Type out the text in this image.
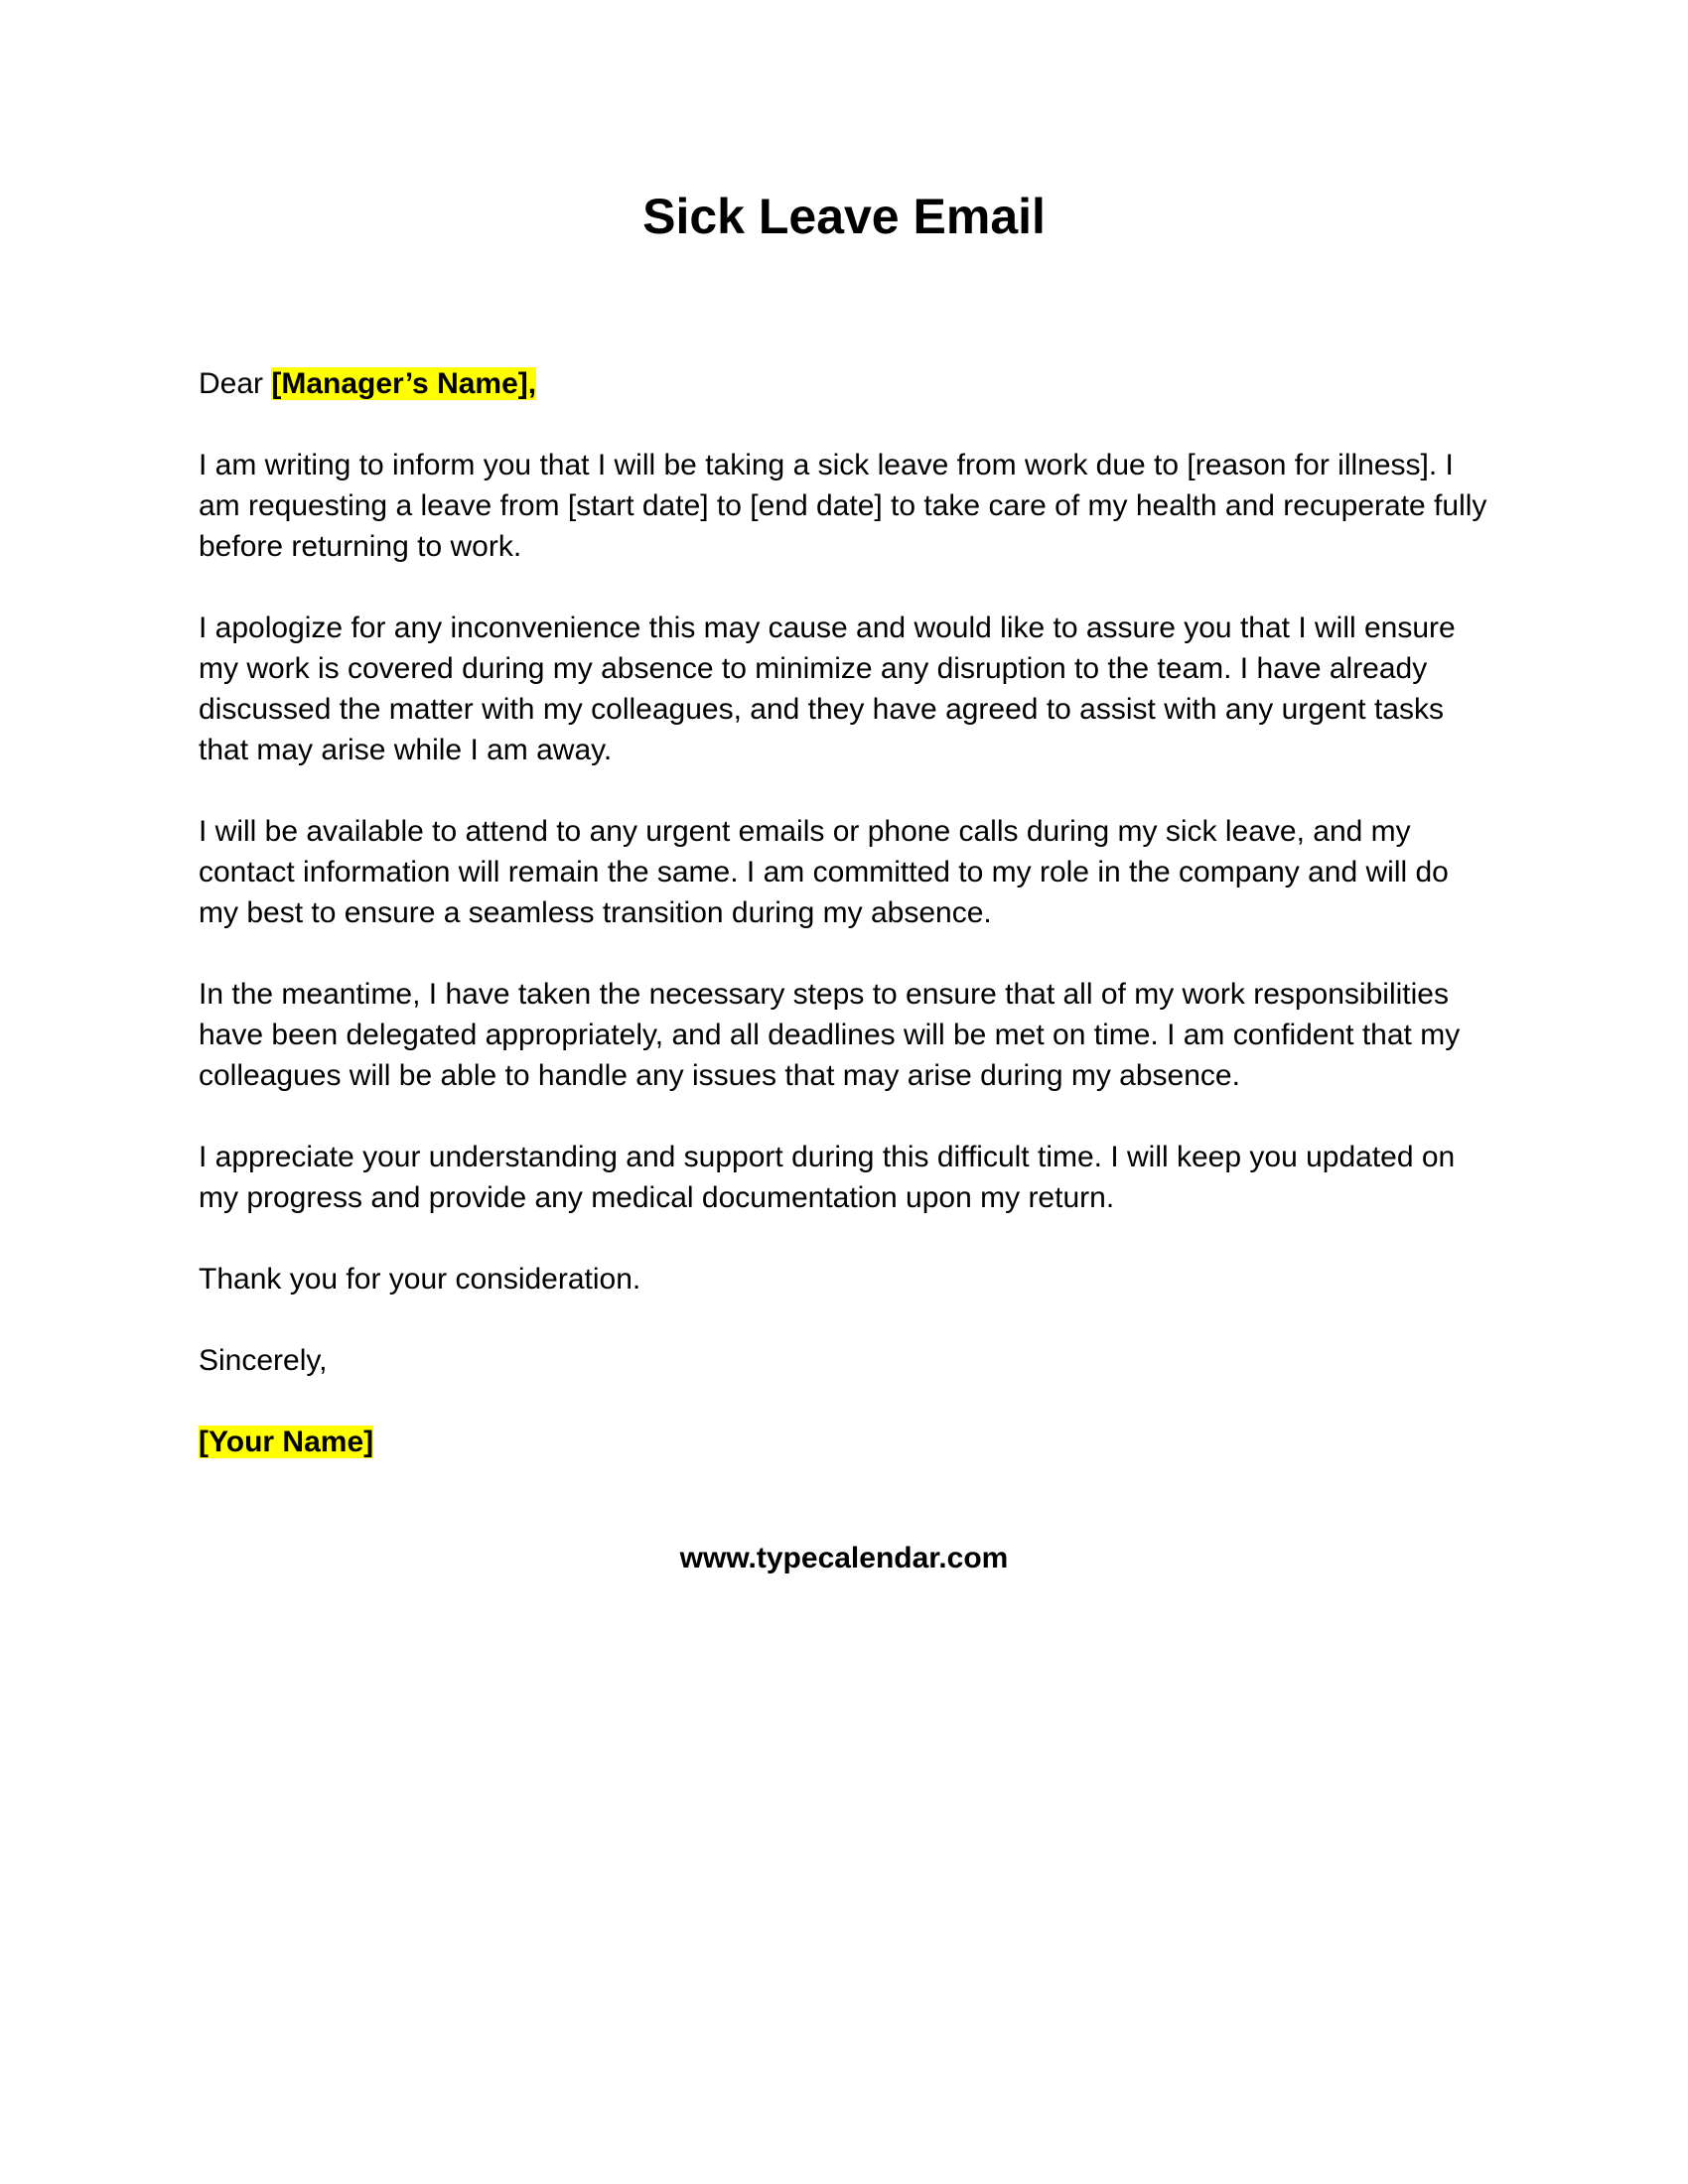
Sick Leave Email

Dear [Manager’s Name],

I am writing to inform you that I will be taking a sick leave from work due to [reason for illness]. I am requesting a leave from [start date] to [end date] to take care of my health and recuperate fully before returning to work.

I apologize for any inconvenience this may cause and would like to assure you that I will ensure my work is covered during my absence to minimize any disruption to the team. I have already discussed the matter with my colleagues, and they have agreed to assist with any urgent tasks that may arise while I am away.

I will be available to attend to any urgent emails or phone calls during my sick leave, and my contact information will remain the same. I am committed to my role in the company and will do my best to ensure a seamless transition during my absence.

In the meantime, I have taken the necessary steps to ensure that all of my work responsibilities have been delegated appropriately, and all deadlines will be met on time. I am confident that my colleagues will be able to handle any issues that may arise during my absence.

I appreciate your understanding and support during this difficult time. I will keep you updated on my progress and provide any medical documentation upon my return.

Thank you for your consideration.

Sincerely,

[Your Name]

www.typecalendar.com
